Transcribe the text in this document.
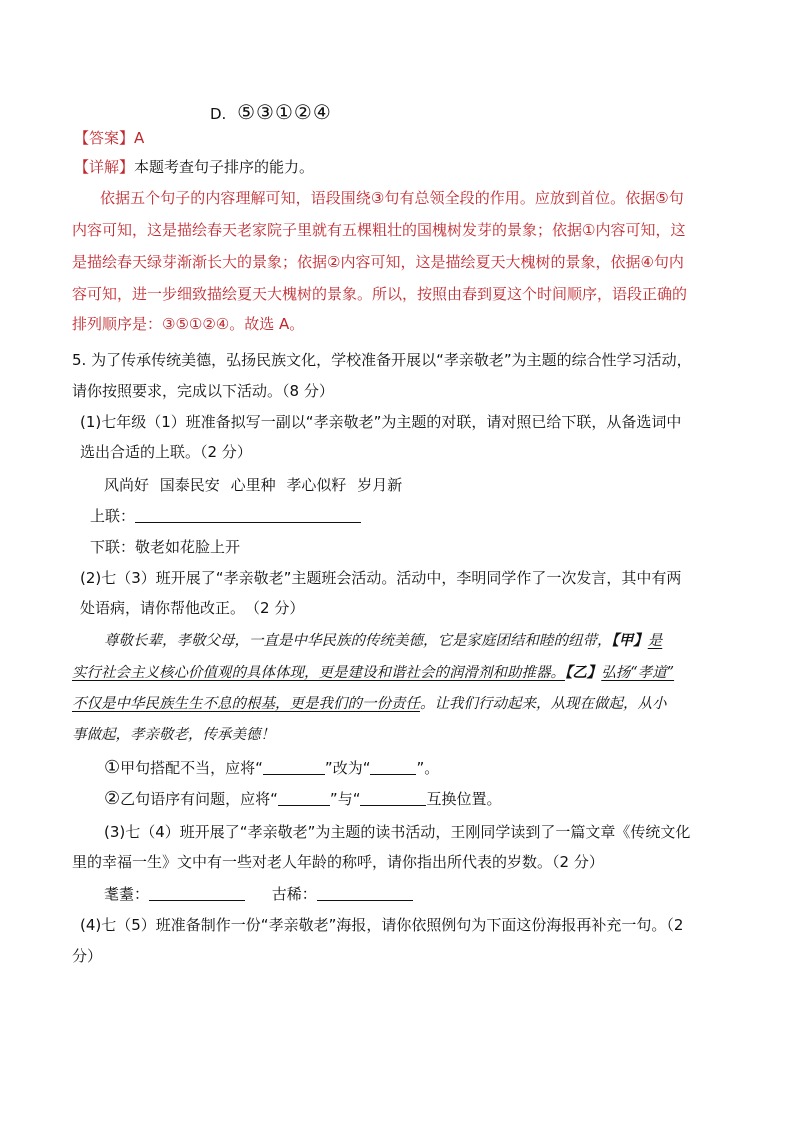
D. ⑤③①②④
【答案】A
【详解】本题考查句子排序的能力。
依据五个句子的内容理解可知，语段围绕③句有总领全段的作用。应放到首位。依据⑤句
内容可知，这是描绘春天老家院子里就有五棵粗壮的国槐树发芽的景象；依据①内容可知，这
是描绘春天绿芽渐渐长大的景象；依据②内容可知，这是描绘夏天大槐树的景象，依据④句内
容可知，进一步细致描绘夏天大槐树的景象。所以，按照由春到夏这个时间顺序，语段正确的
排列顺序是：③⑤①②④。故选 A。
5. 为了传承传统美德，弘扬民族文化，学校准备开展以“孝亲敬老”为主题的综合性学习活动，
请你按照要求，完成以下活动。（8 分）
(1)七年级（1）班准备拟写一副以“孝亲敬老”为主题的对联，请对照已给下联，从备选词中
选出合适的上联。（2 分）
风尚好 国泰民安 心里种 孝心似籽 岁月新
上联：
下联：敬老如花脸上开
(2)七（3）班开展了“孝亲敬老”主题班会活动。活动中，李明同学作了一次发言，其中有两
处语病，请你帮他改正。　（2 分）
尊敬长辈，孝敬父母，一直是中华民族的传统美德，它是家庭团结和睦的纽带，【甲】是
实行社会主义核心价值观的具体体现，更是建设和谐社会的润滑剂和助推器。【乙】弘扬“孝道”
不仅是中华民族生生不息的根基，更是我们的一份责任。让我们行动起来，从现在做起，从小
事做起，孝亲敬老，传承美德！
①甲句搭配不当，应将“	”改为“	”。
②乙句语序有问题，应将“	”与“	互换位置。
(3)七（4）班开展了“孝亲敬老”为主题的读书活动，王刚同学读到了一篇文章《传统文化
里的幸福一生》文中有一些对老人年龄的称呼，请你指出所代表的岁数。（2 分）
耄耋：	古稀：
(4)七（5）班准备制作一份“孝亲敬老”海报，请你依照例句为下面这份海报再补充一句。（2
分）
